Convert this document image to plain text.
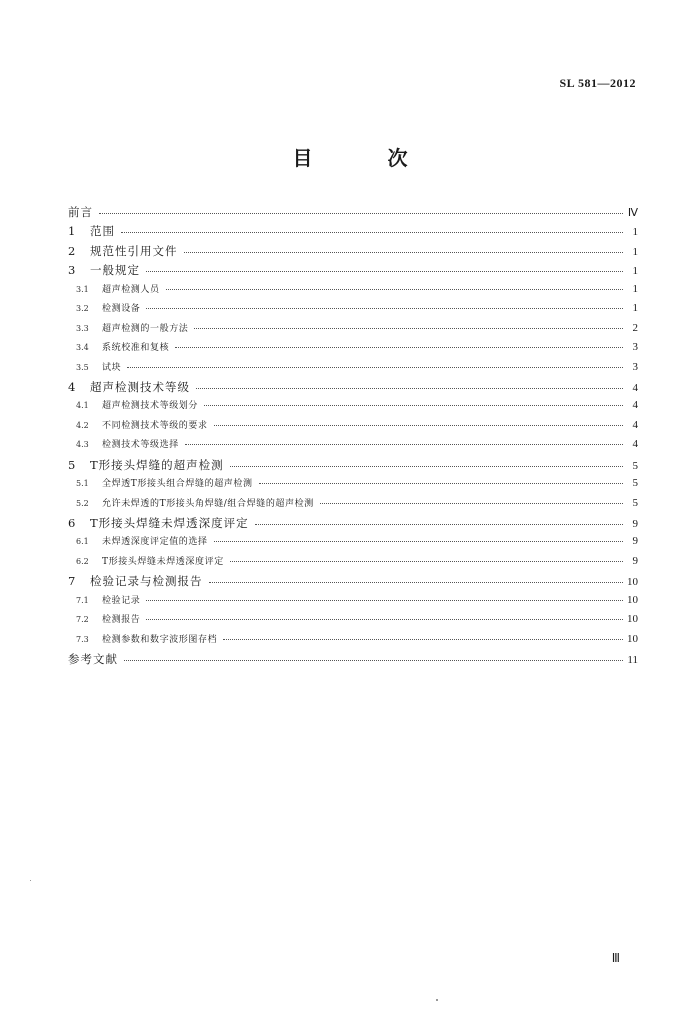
SL 581—2012
目 次
前言	Ⅳ
1	范围	1
2	规范性引用文件	1
3	一般规定	1
3.1	超声检测人员	1
3.2	检测设备	1
3.3	超声检测的一般方法	2
3.4	系统校准和复核	3
3.5	试块	3
4	超声检测技术等级	4
4.1	超声检测技术等级划分	4
4.2	不同检测技术等级的要求	4
4.3	检测技术等级选择	4
5	T形接头焊缝的超声检测	5
5.1	全焊透T形接头组合焊缝的超声检测	5
5.2	允许未焊透的T形接头角焊缝/组合焊缝的超声检测	5
6	T形接头焊缝未焊透深度评定	9
6.1	未焊透深度评定值的选择	9
6.2	T形接头焊缝未焊透深度评定	9
7	检验记录与检测报告	10
7.1	检验记录	10
7.2	检测报告	10
7.3	检测参数和数字波形图存档	10
参考文献	11
Ⅲ
